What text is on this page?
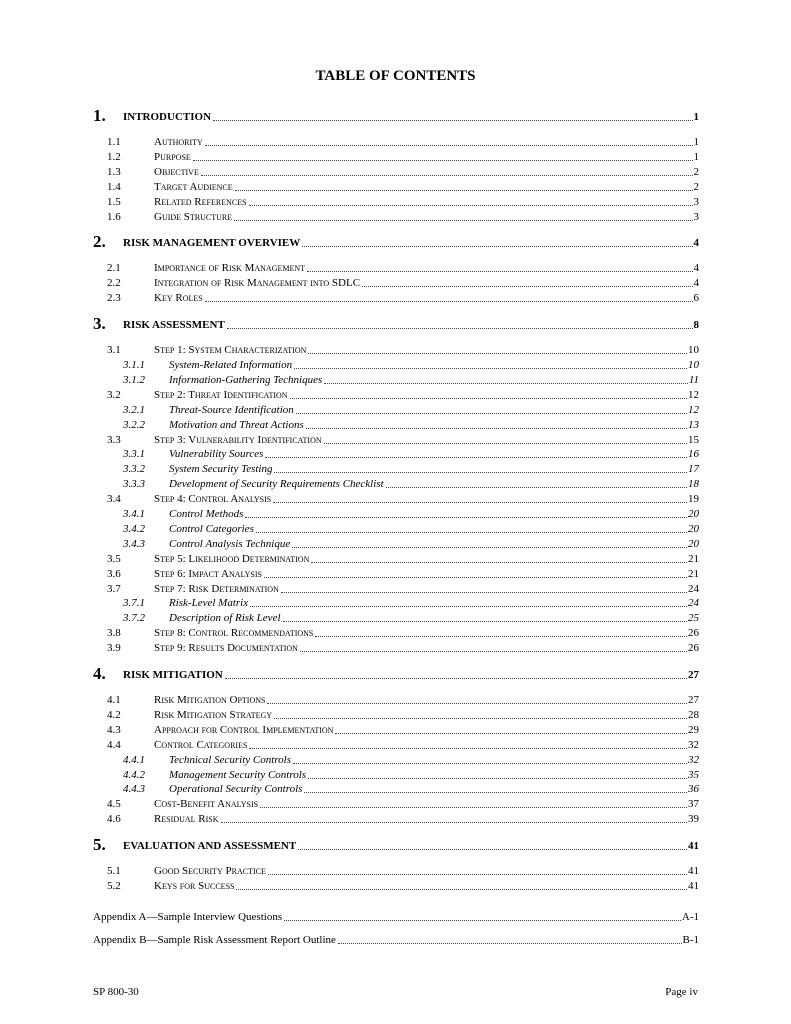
TABLE OF CONTENTS
1.	INTRODUCTION	1
1.1	Authority	1
1.2	Purpose	1
1.3	Objective	2
1.4	Target Audience	2
1.5	Related References	3
1.6	Guide Structure	3
2.	RISK MANAGEMENT OVERVIEW	4
2.1	Importance of Risk Management	4
2.2	Integration of Risk Management into SDLC	4
2.3	Key Roles	6
3.	RISK ASSESSMENT	8
3.1	Step 1: System Characterization	10
3.1.1	System-Related Information	10
3.1.2	Information-Gathering Techniques	11
3.2	Step 2: Threat Identification	12
3.2.1	Threat-Source Identification	12
3.2.2	Motivation and Threat Actions	13
3.3	Step 3: Vulnerability Identification	15
3.3.1	Vulnerability Sources	16
3.3.2	System Security Testing	17
3.3.3	Development of Security Requirements Checklist	18
3.4	Step 4: Control Analysis	19
3.4.1	Control Methods	20
3.4.2	Control Categories	20
3.4.3	Control Analysis Technique	20
3.5	Step 5: Likelihood Determination	21
3.6	Step 6: Impact Analysis	21
3.7	Step 7: Risk Determination	24
3.7.1	Risk-Level Matrix	24
3.7.2	Description of Risk Level	25
3.8	Step 8: Control Recommendations	26
3.9	Step 9: Results Documentation	26
4.	RISK MITIGATION	27
4.1	Risk Mitigation Options	27
4.2	Risk Mitigation Strategy	28
4.3	Approach for Control Implementation	29
4.4	Control Categories	32
4.4.1	Technical Security Controls	32
4.4.2	Management Security Controls	35
4.4.3	Operational Security Controls	36
4.5	Cost-Benefit Analysis	37
4.6	Residual Risk	39
5.	EVALUATION AND ASSESSMENT	41
5.1	Good Security Practice	41
5.2	Keys for Success	41
Appendix A—Sample Interview Questions	A-1
Appendix B—Sample Risk Assessment Report Outline	B-1
SP 800-30	Page iv
